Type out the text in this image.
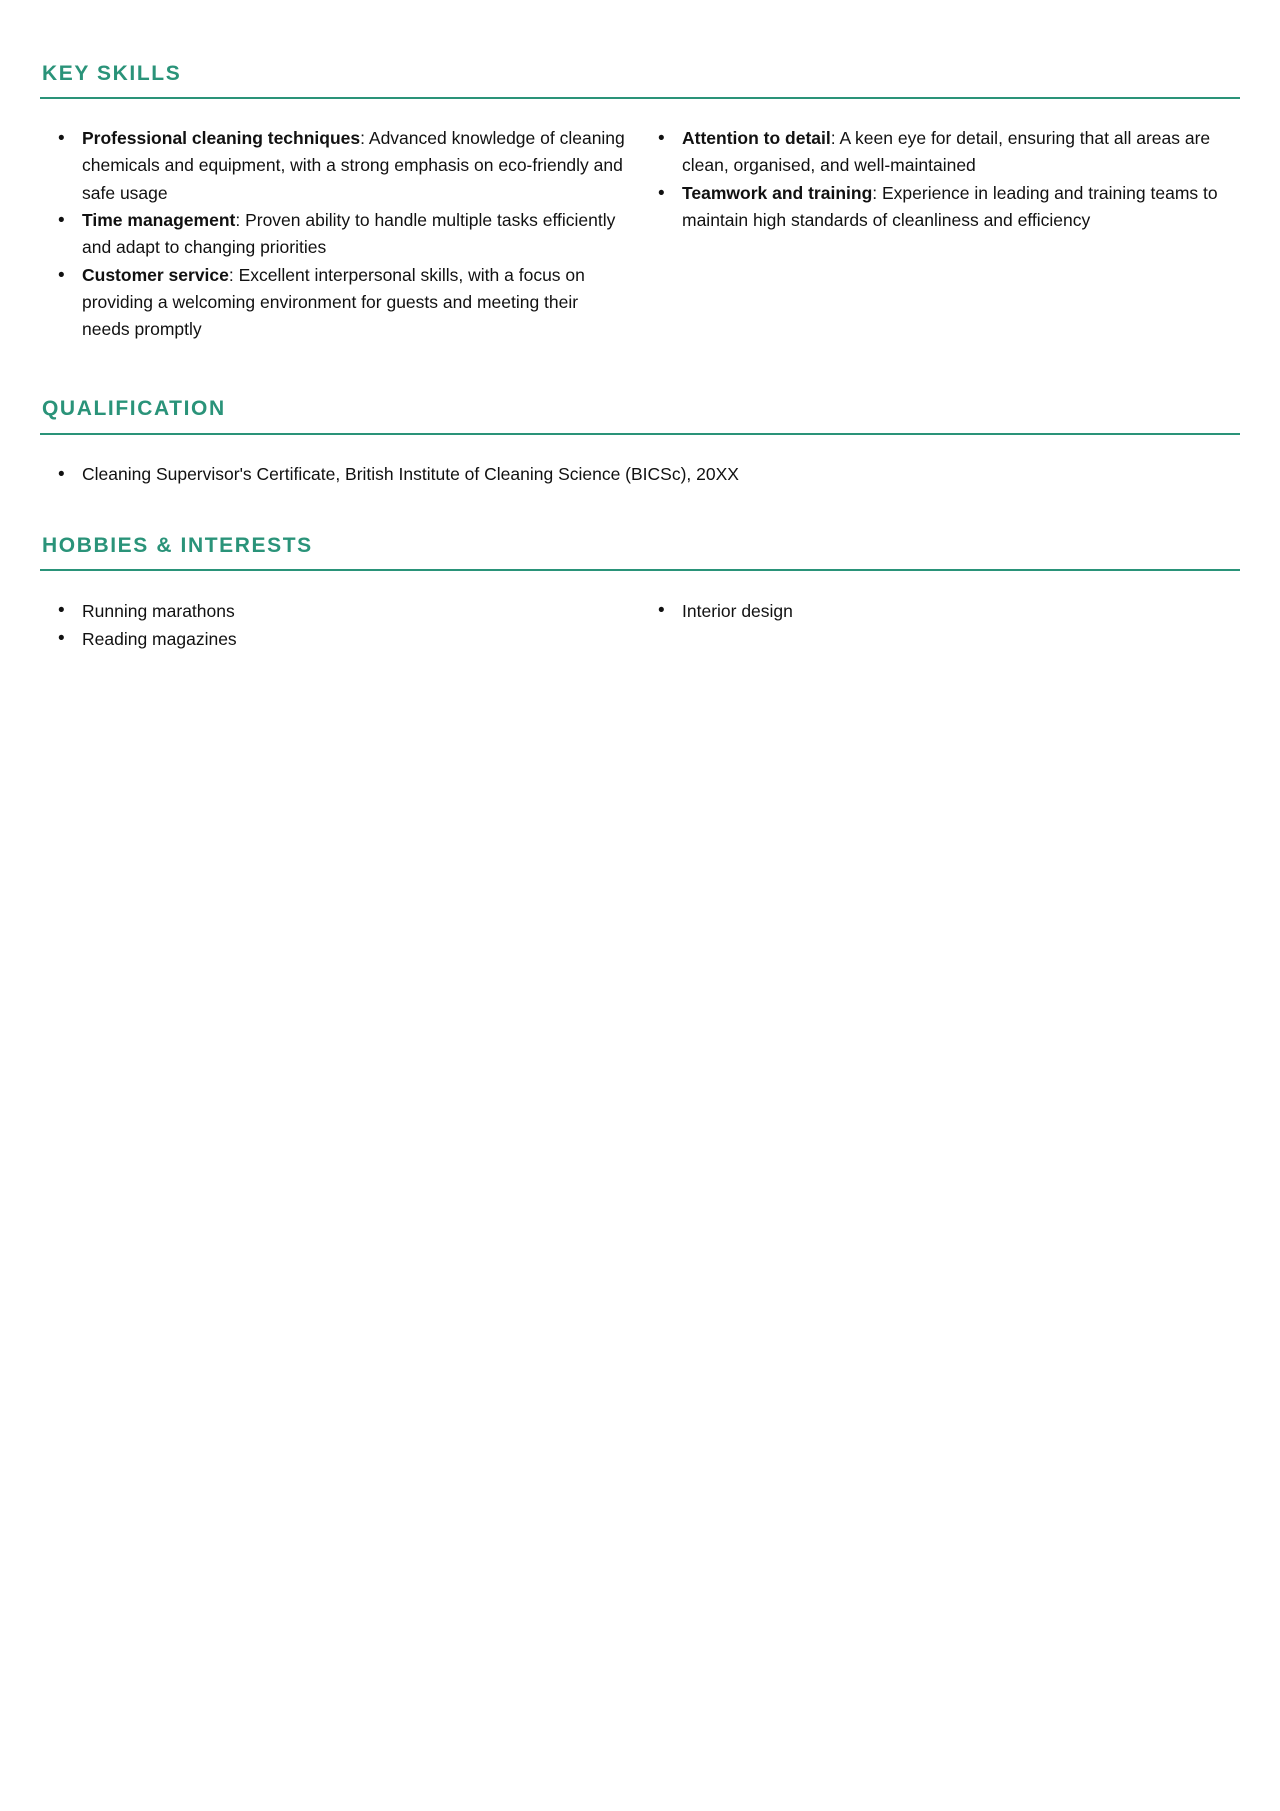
KEY SKILLS
• Professional cleaning techniques: Advanced knowledge of cleaning chemicals and equipment, with a strong emphasis on eco-friendly and safe usage
• Time management: Proven ability to handle multiple tasks efficiently and adapt to changing priorities
• Customer service: Excellent interpersonal skills, with a focus on providing a welcoming environment for guests and meeting their needs promptly
• Attention to detail: A keen eye for detail, ensuring that all areas are clean, organised, and well-maintained
• Teamwork and training: Experience in leading and training teams to maintain high standards of cleanliness and efficiency
QUALIFICATION
• Cleaning Supervisor's Certificate, British Institute of Cleaning Science (BICSc), 20XX
HOBBIES & INTERESTS
• Running marathons
• Reading magazines
• Interior design
